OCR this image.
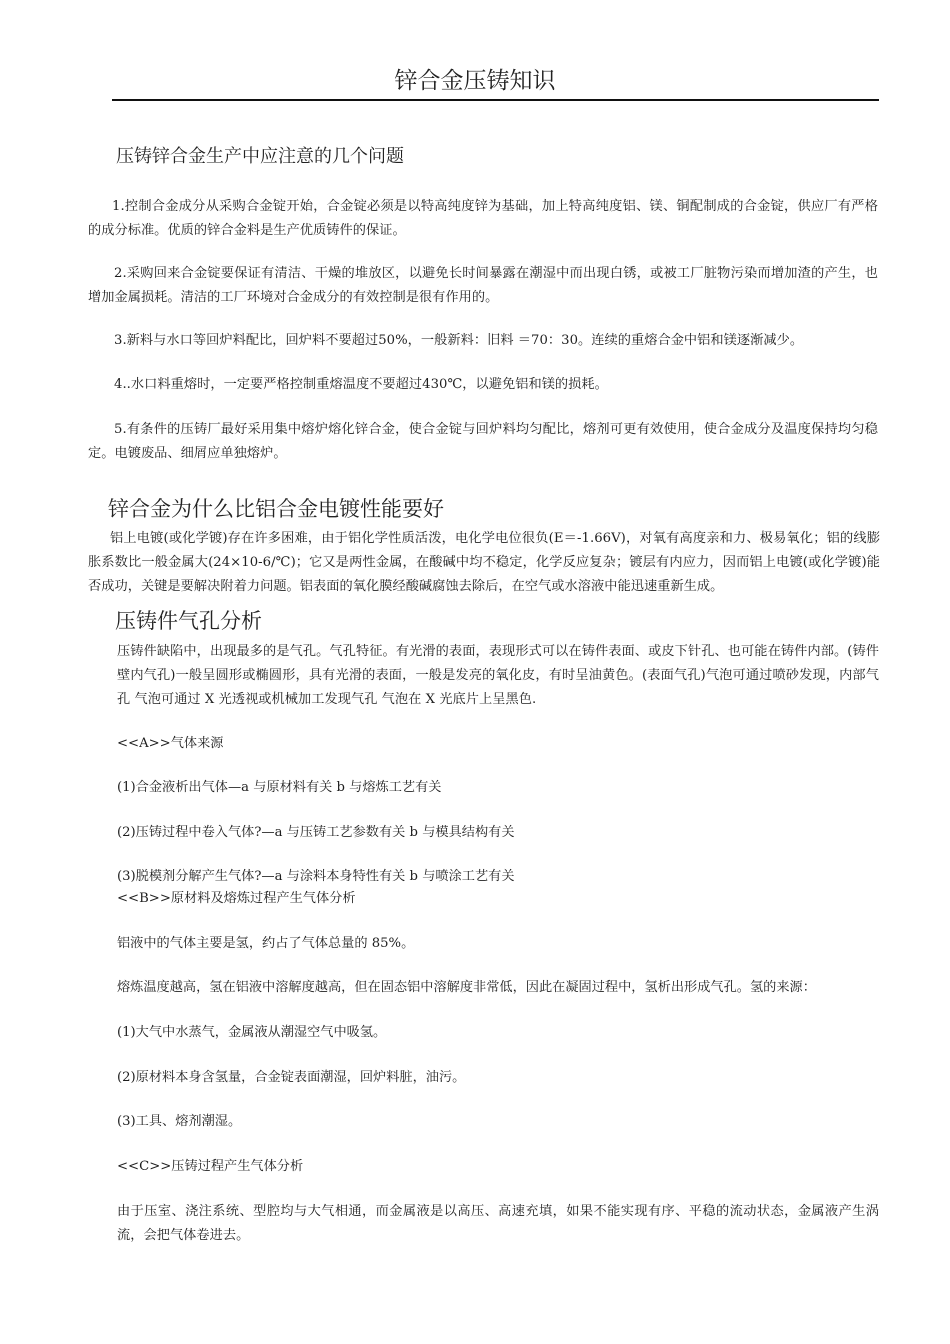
锌合金压铸知识
压铸锌合金生产中应注意的几个问题
1.控制合金成分从采购合金锭开始，合金锭必须是以特高纯度锌为基础，加上特高纯度铝、镁、铜配制成的合金锭，供应厂有严格的成分标准。优质的锌合金料是生产优质铸件的保证。
2.采购回来合金锭要保证有清洁、干燥的堆放区，以避免长时间暴露在潮湿中而出现白锈，或被工厂脏物污染而增加渣的产生，也增加金属损耗。清洁的工厂环境对合金成分的有效控制是很有作用的。
3.新料与水口等回炉料配比，回炉料不要超过50%，一般新料：旧料 ＝70：30。连续的重熔合金中铝和镁逐渐减少。
4..水口料重熔时，一定要严格控制重熔温度不要超过430℃，以避免铝和镁的损耗。
5.有条件的压铸厂最好采用集中熔炉熔化锌合金，使合金锭与回炉料均匀配比，熔剂可更有效使用，使合金成分及温度保持均匀稳定。电镀废品、细屑应单独熔炉。
锌合金为什么比铝合金电镀性能要好
铝上电镀(或化学镀)存在许多困难，由于铝化学性质活泼，电化学电位很负(E＝-1.66V)，对氧有高度亲和力、极易氧化；铝的线膨胀系数比一般金属大(24×10-6/℃)；它又是两性金属，在酸碱中均不稳定，化学反应复杂；镀层有内应力，因而铝上电镀(或化学镀)能否成功，关键是要解决附着力问题。铝表面的氧化膜经酸碱腐蚀去除后，在空气或水溶液中能迅速重新生成。
压铸件气孔分析
压铸件缺陷中，出现最多的是气孔。气孔特征。有光滑的表面，表现形式可以在铸件表面、或皮下针孔、也可能在铸件内部。(铸件壁内气孔)一般呈圆形或椭圆形，具有光滑的表面，一般是发亮的氧化皮，有时呈油黄色。(表面气孔)气泡可通过喷砂发现，内部气孔 气泡可通过 X 光透视或机械加工发现气孔 气泡在 X 光底片上呈黑色.
<<A>>气体来源
(1)合金液析出气体—a 与原材料有关 b 与熔炼工艺有关
(2)压铸过程中卷入气体?—a 与压铸工艺参数有关 b 与模具结构有关
(3)脱模剂分解产生气体?—a 与涂料本身特性有关 b 与喷涂工艺有关
<<B>>原材料及熔炼过程产生气体分析
铝液中的气体主要是氢，约占了气体总量的 85%。
熔炼温度越高，氢在铝液中溶解度越高，但在固态铝中溶解度非常低，因此在凝固过程中，氢析出形成气孔。氢的来源：
(1)大气中水蒸气，金属液从潮湿空气中吸氢。
(2)原材料本身含氢量，合金锭表面潮湿，回炉料脏，油污。
(3)工具、熔剂潮湿。
<<C>>压铸过程产生气体分析
由于压室、浇注系统、型腔均与大气相通，而金属液是以高压、高速充填，如果不能实现有序、平稳的流动状态，金属液产生涡流，会把气体卷进去。
